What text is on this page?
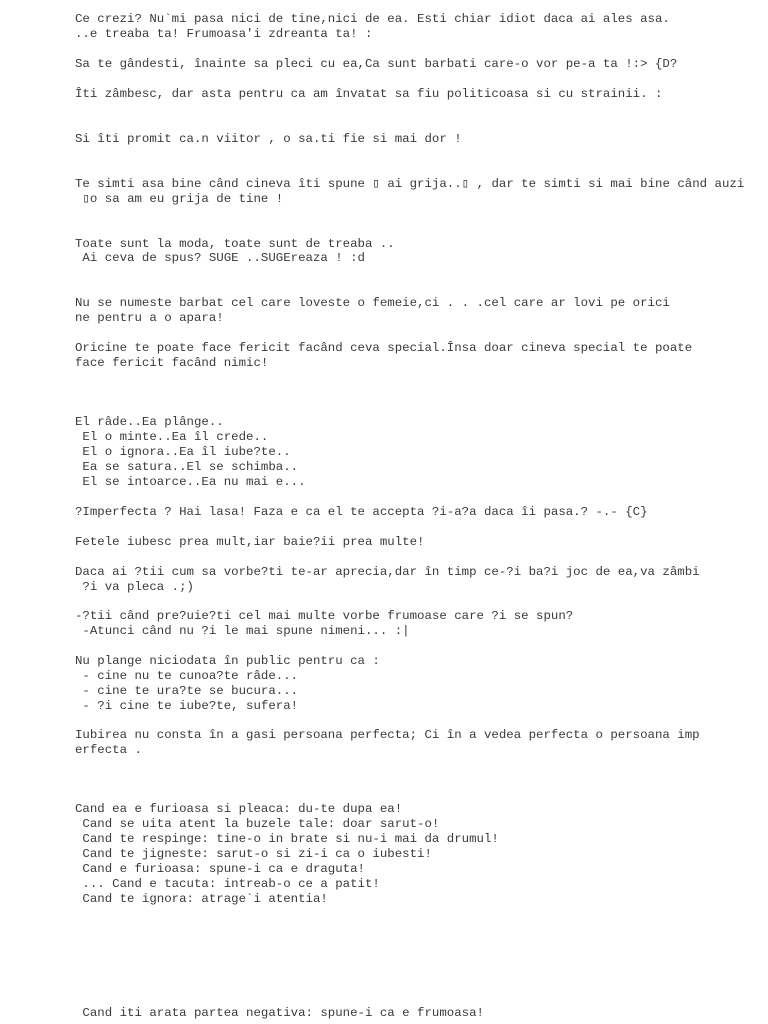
Ce crezi? Nu`mi pasa nici de tine,nici de ea. Esti chiar idiot daca ai ales asa.

..e treaba ta! Frumoasa'i zdreanta ta! :

Sa te gândesti, înainte sa pleci cu ea,Ca sunt barbati care-o vor pe-a ta !:> {D?

Îti zâmbesc, dar asta pentru ca am învatat sa fiu politicoasa si cu strainii. :

Si îti promit ca.n viitor , o sa.ti fie si mai dor !

Te simti asa bine când cineva îti spune ▯ ai grija..▯ , dar te simti si mai bine când auzi

▯o sa am eu grija de tine !

Toate sunt la moda, toate sunt de treaba ..

Ai ceva de spus? SUGE ..SUGEreaza ! :d

Nu se numeste barbat cel care loveste o femeie,ci . . .cel care ar lovi pe orici

ne pentru a o apara!

Oricine te poate face fericit facând ceva special.Însa doar cineva special te poate

face fericit facând nimic!

El râde..Ea plânge..

El o minte..Ea îl crede..

El o ignora..Ea îl iube?te..

Ea se satura..El se schimba..

El se intoarce..Ea nu mai e...

?Imperfecta ? Hai lasa! Faza e ca el te accepta ?i-a?a daca îi pasa.? -.- {C}

Fetele iubesc prea mult,iar baie?ii prea multe!

Daca ai ?tii cum sa vorbe?ti te-ar aprecia,dar în timp ce-?i ba?i joc de ea,va zâmbi

?i va pleca .;)

-?tii când pre?uie?ti cel mai multe vorbe frumoase care ?i se spun?

-Atunci când nu ?i le mai spune nimeni... :|

Nu plange niciodata în public pentru ca :

- cine nu te cunoa?te râde...

- cine te ura?te se bucura...

- ?i cine te iube?te, sufera!

Iubirea nu consta în a gasi persoana perfecta; Ci în a vedea perfecta o persoana imp

erfecta .

Cand ea e furioasa si pleaca: du-te dupa ea!

Cand se uita atent la buzele tale: doar sarut-o!

Cand te respinge: tine-o in brate si nu-i mai da drumul!

Cand te jigneste: sarut-o si zi-i ca o iubesti!

Cand e furioasa: spune-i ca e draguta!

... Cand e tacuta: intreab-o ce a patit!

Cand te ignora: atrage`i atentia!

Cand iti arata partea negativa: spune-i ca e frumoasa!
